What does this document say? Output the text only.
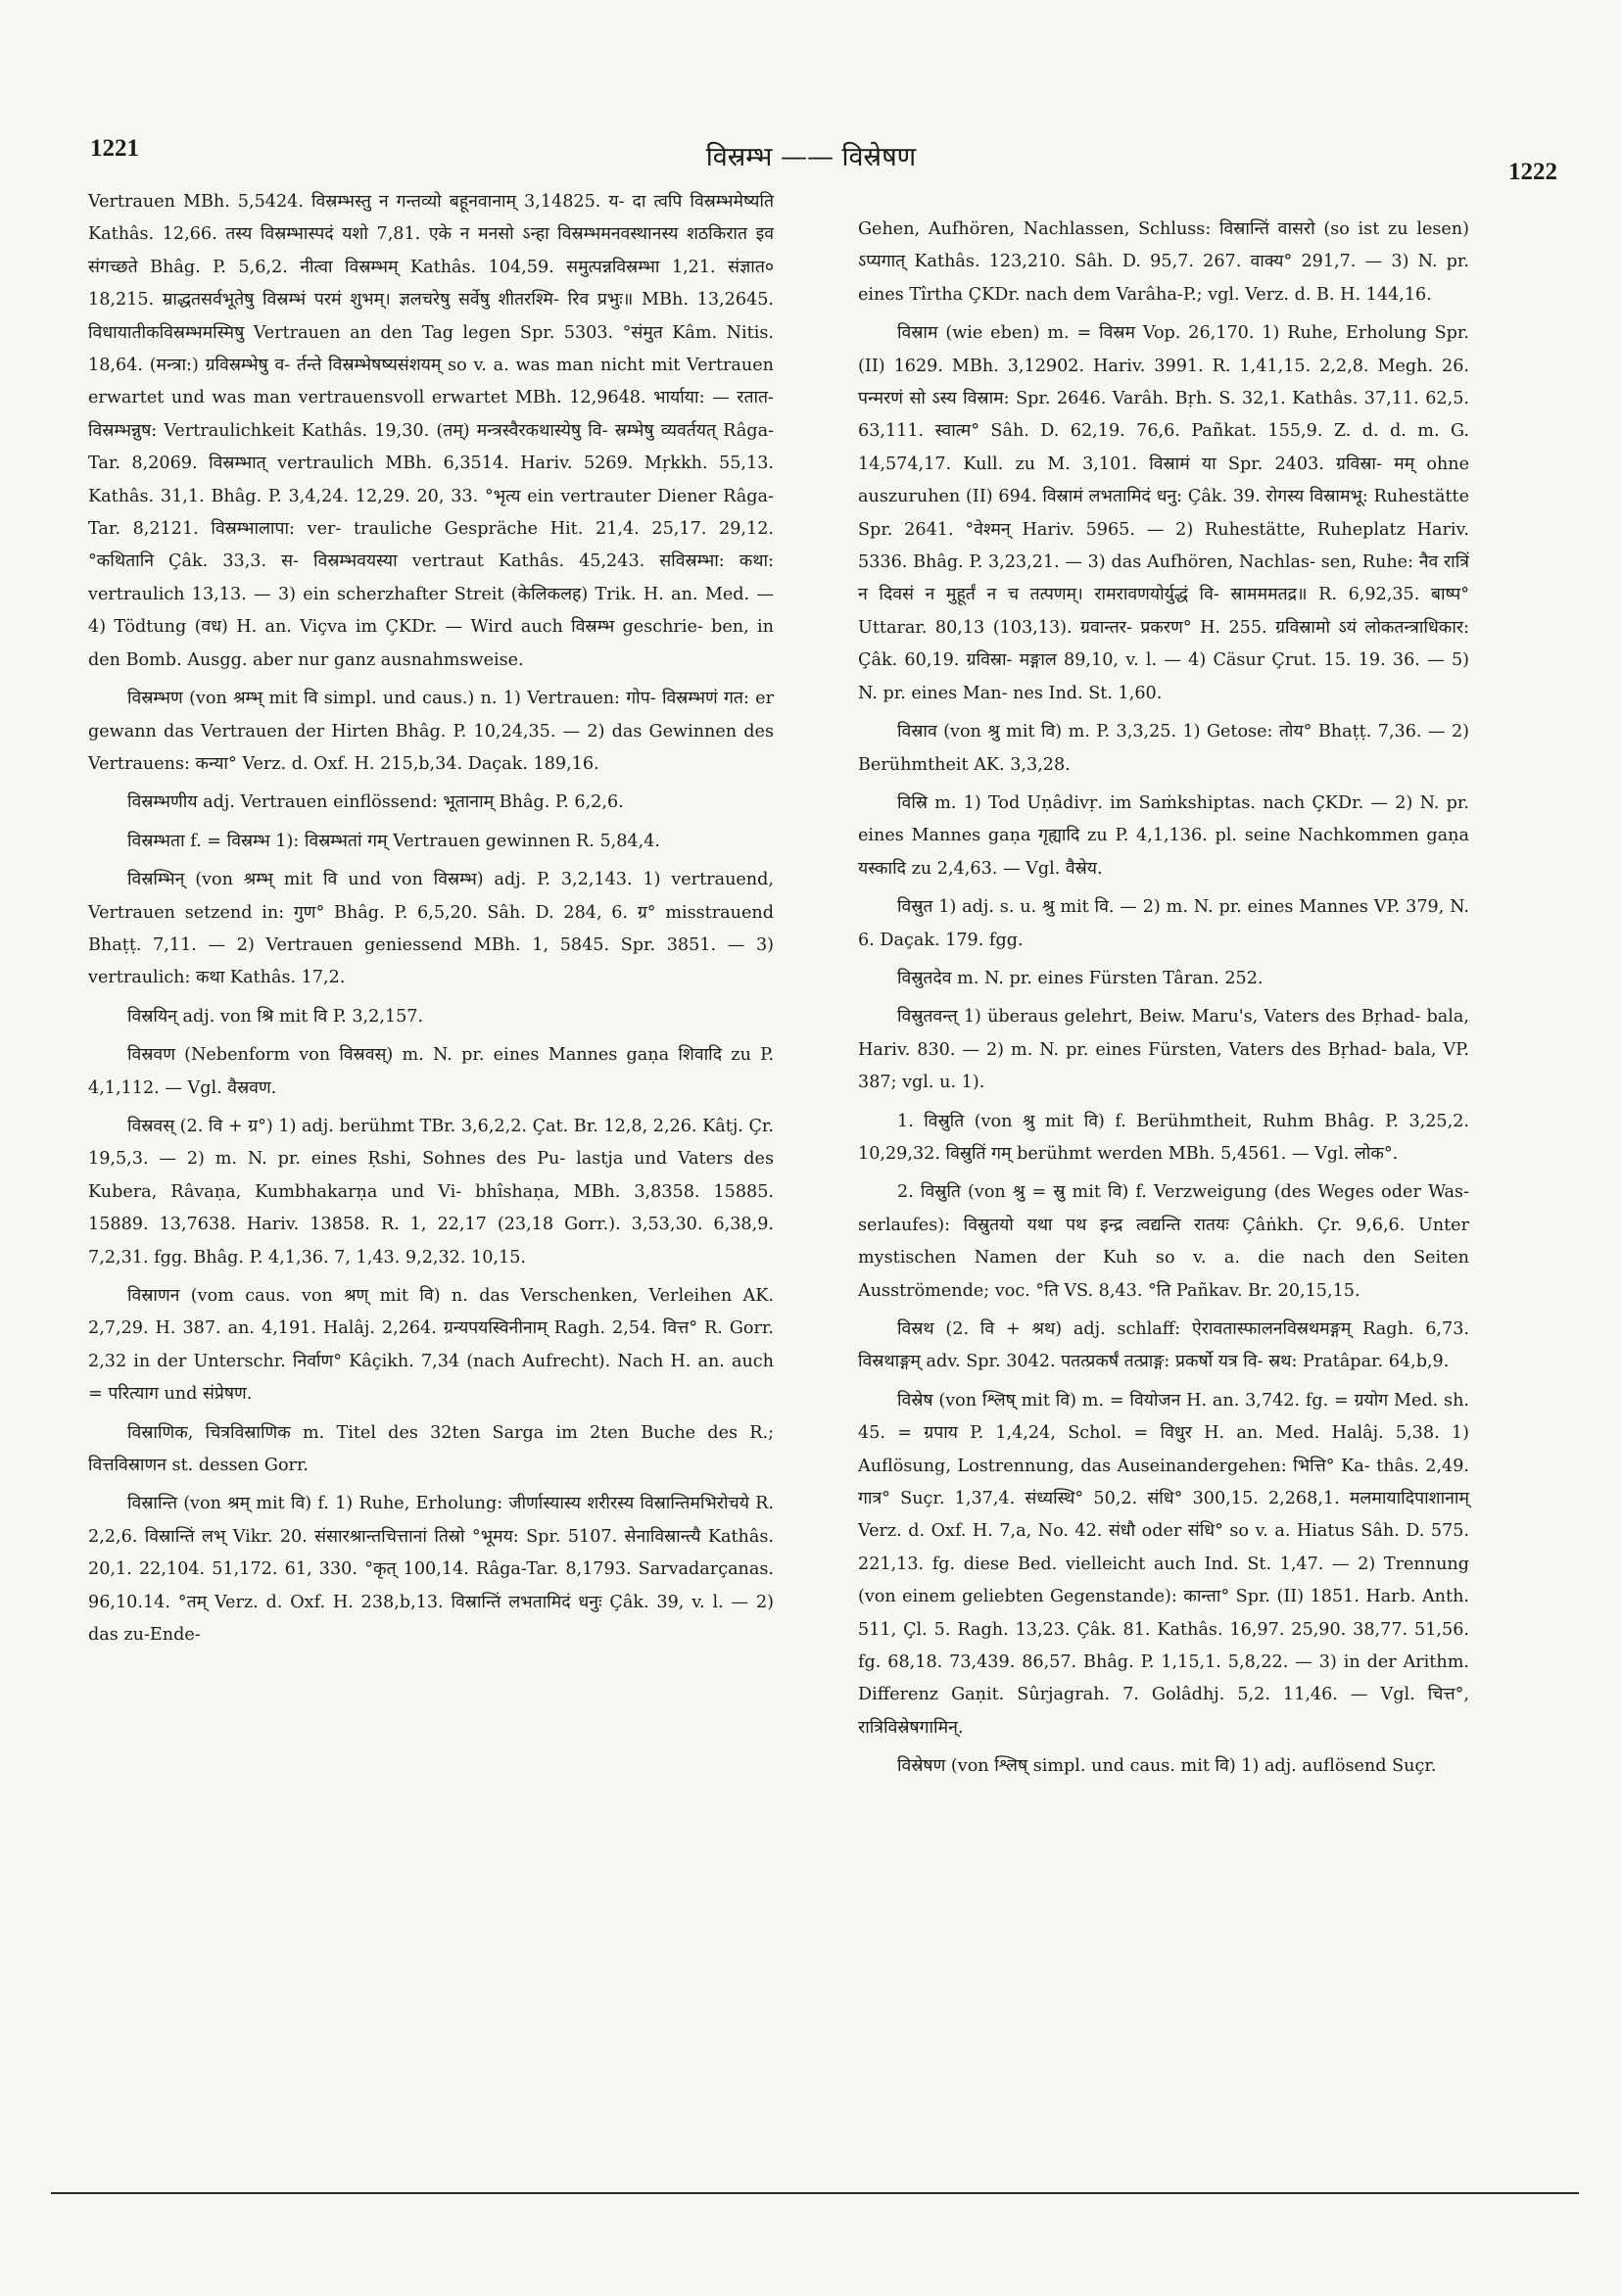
1221	विस्रम्भ —— विस्रेषण	1222

Vertrauen MBh. 5,5424. विस्रम्भस्तु न गन्तव्यो बहूनवानाम् 3,14825. य- दा त्वपि विस्रम्भमेष्यति Kathâs. 12,66. तस्य विस्रम्भास्पदं यशो 7,81. एके न मनसो ऽन्हा विस्रम्भमनवस्थानस्य शठकिरात इव संगच्छते Bhâg. P. 5,6,2. नीत्वा विस्रम्भम् Kathâs. 104,59. समुत्पन्नविस्रम्भा 1,21. संज्ञात० 18,215. म्राद्धतसर्वभूतेषु विस्रम्भं परमं शुभम्। ज्ञलचरेषु सर्वेषु शीतरश्मि- रिव प्रभुः॥ MBh. 13,2645. विधायातीकविस्रम्भमस्मिषु Vertrauen an den Tag legen Spr. 5303. °संमुत Kâm. Nitis. 18,64. (मन्त्रा:) ग्रविस्रम्भेषु व- र्तन्ते विस्रम्भेषष्यसंशयम् so v. a. was man nicht mit Vertrauen erwartet und was man vertrauensvoll erwartet MBh. 12,9648. भार्याया: — रतात- विस्रम्भन्नुष: Vertraulichkeit Kathâs. 19,30. (तम्) मन्त्रस्वैरकथास्येषु वि- स्रम्भेषु व्यवर्तयत् Râga-Tar. 8,2069. विस्रम्भात् vertraulich MBh. 6,3514. Hariv. 5269. Mṛkkh. 55,13. Kathâs. 31,1. Bhâg. P. 3,4,24. 12,29. 20, 33. °भृत्य ein vertrauter Diener Râga-Tar. 8,2121. विस्रम्भालापा: ver- trauliche Gespräche Hit. 21,4. 25,17. 29,12. °कथितानि Çâk. 33,3. स- विस्रम्भवयस्या vertraut Kathâs. 45,243. सविस्रम्भा: कथा: vertraulich 13,13. — 3) ein scherzhafter Streit (केलिकलह) Trik. H. an. Med. — 4) Tödtung (वध) H. an. Viçva im ÇKDr. — Wird auch विस्रम्भ geschrie- ben, in den Bomb. Ausgg. aber nur ganz ausnahmsweise.

विस्रम्भण (von श्रम्भ् mit वि simpl. und caus.) n. 1) Vertrauen: गोप- विस्रम्भणं गत: er gewann das Vertrauen der Hirten Bhâg. P. 10,24,35. — 2) das Gewinnen des Vertrauens: कन्या° Verz. d. Oxf. H. 215,b,34. Daçak. 189,16.

विस्रम्भणीय adj. Vertrauen einflössend: भूतानाम् Bhâg. P. 6,2,6.

विस्रम्भता f. = विस्रम्भ 1): विस्रम्भतां गम् Vertrauen gewinnen R. 5,84,4.

विस्रम्भिन् (von श्रम्भ् mit वि und von विस्रम्भ) adj. P. 3,2,143. 1) vertrauend, Vertrauen setzend in: गुण° Bhâg. P. 6,5,20. Sâh. D. 284, 6. ग्र° misstrauend Bhaṭṭ. 7,11. — 2) Vertrauen geniessend MBh. 1, 5845. Spr. 3851. — 3) vertraulich: कथा Kathâs. 17,2.

विस्रयिन् adj. von श्रि mit वि P. 3,2,157.

विस्रवण (Nebenform von विस्रवस्) m. N. pr. eines Mannes gaṇa शिवादि zu P. 4,1,112. — Vgl. वैस्रवण.

विस्रवस् (2. वि + ग्र°) 1) adj. berühmt TBr. 3,6,2,2. Çat. Br. 12,8, 2,26. Kâtj. Çr. 19,5,3. — 2) m. N. pr. eines Ṛshi, Sohnes des Pu- lastja und Vaters des Kubera, Râvaṇa, Kumbhakarṇa und Vi- bhîshaṇa, MBh. 3,8358. 15885. 15889. 13,7638. Hariv. 13858. R. 1, 22,17 (23,18 Gorr.). 3,53,30. 6,38,9. 7,2,31. fgg. Bhâg. P. 4,1,36. 7, 1,43. 9,2,32. 10,15.

विस्राणन (vom caus. von श्रण् mit वि) n. das Verschenken, Verleihen AK. 2,7,29. H. 387. an. 4,191. Halâj. 2,264. ग्रन्यपयस्विनीनाम् Ragh. 2,54. वित्त° R. Gorr. 2,32 in der Unterschr. निर्वाण° Kâçikh. 7,34 (nach Aufrecht). Nach H. an. auch = परित्याग und संप्रेषण.

विस्राणिक, चित्रविस्राणिक m. Titel des 32ten Sarga im 2ten Buche des R.; वित्तविस्राणन st. dessen Gorr.

विस्रान्ति (von श्रम् mit वि) f. 1) Ruhe, Erholung: जीर्णास्यास्य शरीरस्य विस्रान्तिमभिरोचये R. 2,2,6. विस्रान्तिं लभ् Vikr. 20. संसारश्रान्तचित्तानां तिस्रो °भूमय: Spr. 5107. सेनाविस्रान्त्यै Kathâs. 20,1. 22,104. 51,172. 61, 330. °कृत् 100,14. Râga-Tar. 8,1793. Sarvadarçanas. 96,10.14. °तम् Verz. d. Oxf. H. 238,b,13. विस्रान्तिं लभतामिदं धनुः Çâk. 39, v. l. — 2) das zu-Ende-

Gehen, Aufhören, Nachlassen, Schluss: विस्रान्तिं वासरो (so ist zu lesen) ऽप्यगात् Kathâs. 123,210. Sâh. D. 95,7. 267. वाक्य° 291,7. — 3) N. pr. eines Tîrtha ÇKDr. nach dem Varâha-P.; vgl. Verz. d. B. H. 144,16.

विस्राम (wie eben) m. = विस्रम Vop. 26,170. 1) Ruhe, Erholung Spr. (II) 1629. MBh. 3,12902. Hariv. 3991. R. 1,41,15. 2,2,8. Megh. 26. पन्मरणं सो ऽस्य विस्राम: Spr. 2646. Varâh. Bṛh. S. 32,1. Kathâs. 37,11. 62,5. 63,111. स्वात्म° Sâh. D. 62,19. 76,6. Pañkat. 155,9. Z. d. d. m. G. 14,574,17. Kull. zu M. 3,101. विस्रामं या Spr. 2403. ग्रविस्रा- मम् ohne auszuruhen (II) 694. विस्रामं लभतामिदं धनु: Çâk. 39. रोगस्य विस्रामभू: Ruhestätte Spr. 2641. °वेश्मन् Hariv. 5965. — 2) Ruhestätte, Ruheplatz Hariv. 5336. Bhâg. P. 3,23,21. — 3) das Aufhören, Nachlas- sen, Ruhe: नैव रात्रिं न दिवसं न मुहूर्तं न च तत्पणम्। रामरावणयोर्युद्धं वि- स्रामममतद्र॥ R. 6,92,35. बाष्प° Uttarar. 80,13 (103,13). ग्रवान्तर- प्रकरण° H. 255. ग्रविस्रामो ऽयं लोकतन्त्राधिकार: Çâk. 60,19. ग्रविस्रा- मङ्गाल 89,10, v. l. — 4) Cäsur Çrut. 15. 19. 36. — 5) N. pr. eines Man- nes Ind. St. 1,60.

विस्राव (von श्रु mit वि) m. P. 3,3,25. 1) Getose: तोय° Bhaṭṭ. 7,36. — 2) Berühmtheit AK. 3,3,28.

विस्रि m. 1) Tod Uṇâdivṛ. im Saṁkshiptas. nach ÇKDr. — 2) N. pr. eines Mannes gaṇa गृह्यादि zu P. 4,1,136. pl. seine Nachkommen gaṇa यस्कादि zu 2,4,63. — Vgl. वैस्रेय.

विस्रुत 1) adj. s. u. श्रु mit वि. — 2) m. N. pr. eines Mannes VP. 379, N. 6. Daçak. 179. fgg.

विस्रुतदेव m. N. pr. eines Fürsten Târan. 252.

विस्रुतवन्त् 1) überaus gelehrt, Beiw. Maru's, Vaters des Bṛhad- bala, Hariv. 830. — 2) m. N. pr. eines Fürsten, Vaters des Bṛhad- bala, VP. 387; vgl. u. 1).

1. विस्रुति (von श्रु mit वि) f. Berühmtheit, Ruhm Bhâg. P. 3,25,2. 10,29,32. विस्रुतिं गम् berühmt werden MBh. 5,4561. — Vgl. लोक°.

2. विस्रुति (von श्रु = स्रु mit वि) f. Verzweigung (des Weges oder Was- serlaufes): विस्रुतयो यथा पथ इन्द्र त्वद्यन्ति रातयः Çâṅkh. Çr. 9,6,6. Unter mystischen Namen der Kuh so v. a. die nach den Seiten Ausströmende; voc. °ति VS. 8,43. °ति Pañkav. Br. 20,15,15.

विस्रथ (2. वि + श्रथ) adj. schlaff: ऐरावतास्फालनविस्रथमङ्गम् Ragh. 6,73. विस्रथाङ्गम् adv. Spr. 3042. पतत्प्रकर्षं तत्प्राङ्ग: प्रकर्षो यत्र वि- स्रथ: Pratâpar. 64,b,9.

विस्रेष (von श्लिष् mit वि) m. = वियोजन H. an. 3,742. fg. = ग्रयोग Med. sh. 45. = ग्रपाय P. 1,4,24, Schol. = विधुर H. an. Med. Halâj. 5,38. 1) Auflösung, Lostrennung, das Auseinandergehen: भित्ति° Ka- thâs. 2,49. गात्र° Suçr. 1,37,4. संध्यस्थि° 50,2. संधि° 300,15. 2,268,1. मलमायादिपाशानाम् Verz. d. Oxf. H. 7,a, No. 42. संधौ oder संधि° so v. a. Hiatus Sâh. D. 575. 221,13. fg. diese Bed. vielleicht auch Ind. St. 1,47. — 2) Trennung (von einem geliebten Gegenstande): कान्ता° Spr. (II) 1851. Harb. Anth. 511, Çl. 5. Ragh. 13,23. Çâk. 81. Kathâs. 16,97. 25,90. 38,77. 51,56. fg. 68,18. 73,439. 86,57. Bhâg. P. 1,15,1. 5,8,22. — 3) in der Arithm. Differenz Gaṇit. Sûrjagrah. 7. Golâdhj. 5,2. 11,46. — Vgl. चित्त°, रात्रिविस्रेषगामिन्.

विस्रेषण (von श्लिष् simpl. und caus. mit वि) 1) adj. auflösend Suçr.
